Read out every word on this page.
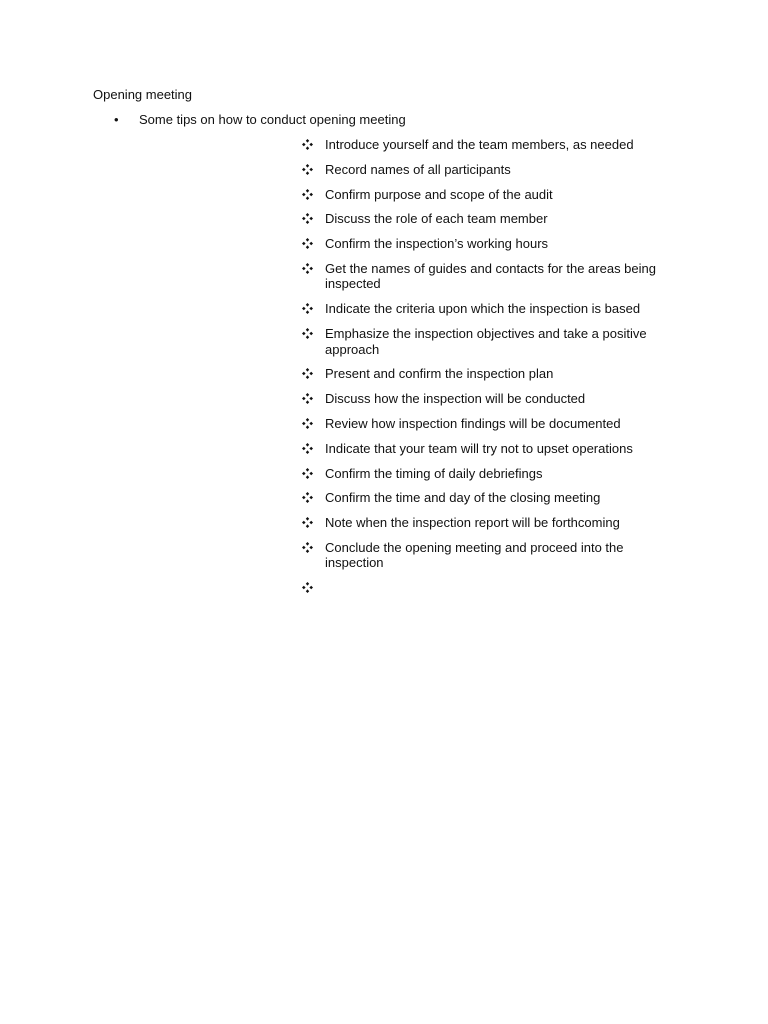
Opening meeting
• Some tips on how to conduct opening meeting
Introduce yourself and the team members, as needed
Record names of all participants
Confirm purpose and scope of the audit
Discuss the role of each team member
Confirm the inspection’s working hours
Get the names of guides and contacts for the areas being inspected
Indicate the criteria upon which the inspection is based
Emphasize the inspection objectives and take a positive approach
Present and confirm the inspection plan
Discuss how the inspection will be conducted
Review how inspection findings will be documented
Indicate that your team will try not to upset operations
Confirm the timing of daily debriefings
Confirm the time and day of the closing meeting
Note when the inspection report will be forthcoming
Conclude the opening meeting and proceed into the inspection
